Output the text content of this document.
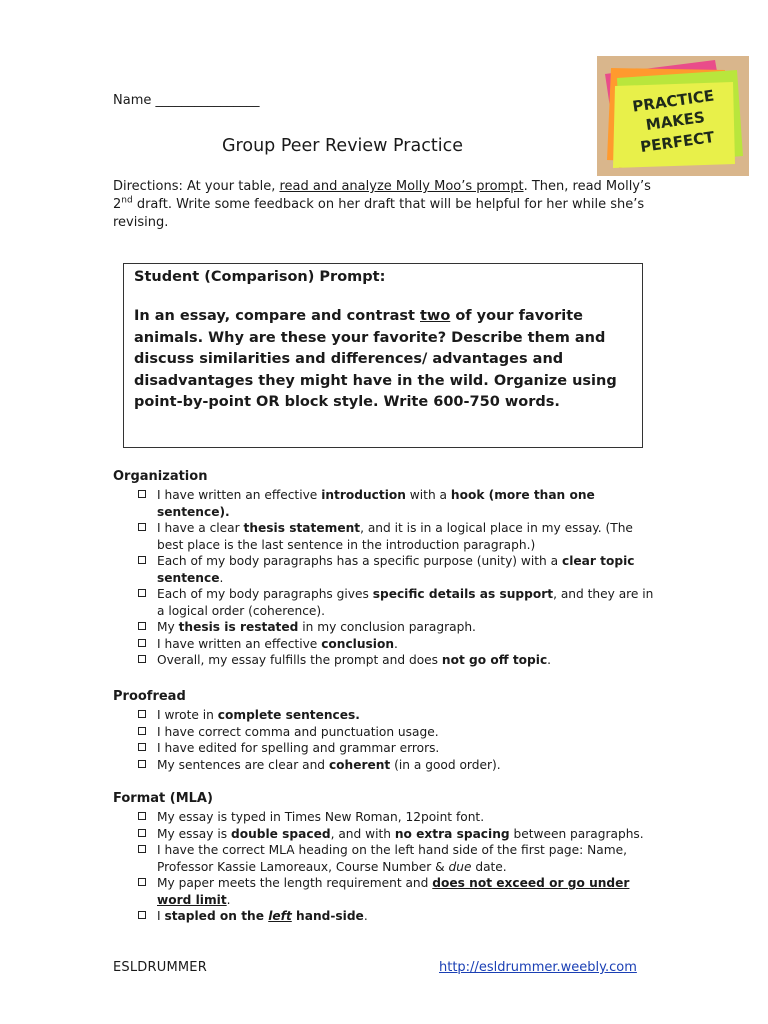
PRACTICE
MAKES
PERFECT
Name ________________
Group Peer Review Practice
Directions: At your table, read and analyze Molly Moo’s prompt. Then, read Molly’s 2nd draft. Write some feedback on her draft that will be helpful for her while she’s revising.

Student (Comparison) Prompt:

In an essay, compare and contrast two of your favorite animals. Why are these your favorite? Describe them and discuss similarities and differences/ advantages and disadvantages they might have in the wild. Organize using point-by-point OR block style. Write 600-750 words.

Organization
I have written an effective introduction with a hook (more than one sentence).
I have a clear thesis statement, and it is in a logical place in my essay. (The best place is the last sentence in the introduction paragraph.)
Each of my body paragraphs has a specific purpose (unity) with a clear topic sentence.
Each of my body paragraphs gives specific details as support, and they are in a logical order (coherence).
My thesis is restated in my conclusion paragraph.
I have written an effective conclusion.
Overall, my essay fulfills the prompt and does not go off topic.
Proofread
I wrote in complete sentences.
I have correct comma and punctuation usage.
I have edited for spelling and grammar errors.
My sentences are clear and coherent (in a good order).
Format (MLA)
My essay is typed in Times New Roman, 12point font.
My essay is double spaced, and with no extra spacing between paragraphs.
I have the correct MLA heading on the left hand side of the first page: Name, Professor Kassie Lamoreaux, Course Number & due date.
My paper meets the length requirement and does not exceed or go under word limit.
I stapled on the left hand-side.
ESLDRUMMER	http://esldrummer.weebly.com
